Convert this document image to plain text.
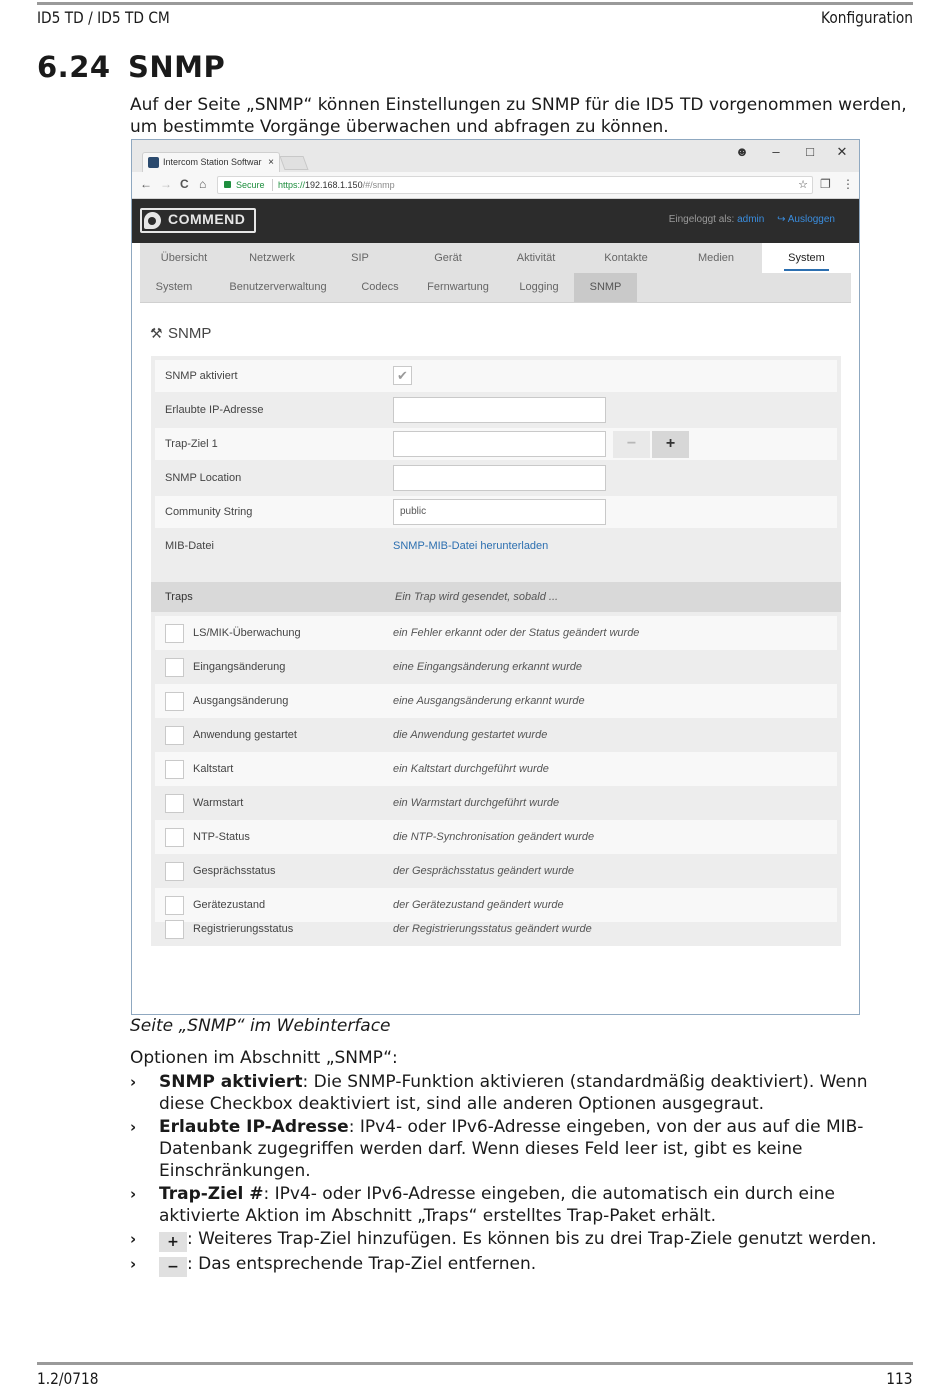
ID5 TD / ID5 TD CM	Konfiguration
6.24 SNMP

Auf der Seite „SNMP“ können Einstellungen zu SNMP für die ID5 TD vorgenommen werden, um bestimmte Vorgänge überwachen und abfragen zu können.

Intercom Station Softwar ×
☻	–	□	✕
← → C ⌂	Secure https://192.168.1.150/#/snmp	☆ ❐ ⋮
COMMEND	Eingeloggt als: admin ↪ Ausloggen
Übersicht	Netzwerk	SIP	Gerät	Aktivität	Kontakte	Medien	System
System	Benutzerverwaltung	Codecs	Fernwartung	Logging	SNMP
⚒ SNMP
SNMP aktiviert	✔
Erlaubte IP-Adresse
Trap-Ziel 1	−	+
SNMP Location
Community String	public
MIB-Datei	SNMP-MIB-Datei herunterladen
Traps	Ein Trap wird gesendet, sobald ...
LS/MIK-Überwachung	ein Fehler erkannt oder der Status geändert wurde
Eingangsänderung	eine Eingangsänderung erkannt wurde
Ausgangsänderung	eine Ausgangsänderung erkannt wurde
Anwendung gestartet	die Anwendung gestartet wurde
Kaltstart	ein Kaltstart durchgeführt wurde
Warmstart	ein Warmstart durchgeführt wurde
NTP-Status	die NTP-Synchronisation geändert wurde
Gesprächsstatus	der Gesprächsstatus geändert wurde
Gerätezustand	der Gerätezustand geändert wurde
Registrierungsstatus	der Registrierungsstatus geändert wurde

Seite „SNMP“ im Webinterface

Optionen im Abschnitt „SNMP“:

› SNMP aktiviert: Die SNMP-Funktion aktivieren (standardmäßig deaktiviert). Wenn diese Checkbox deaktiviert ist, sind alle anderen Optionen ausgegraut.
› Erlaubte IP-Adresse: IPv4- oder IPv6-Adresse eingeben, von der aus auf die MIB-Datenbank zugegriffen werden darf. Wenn dieses Feld leer ist, gibt es keine Einschränkungen.
› Trap-Ziel #: IPv4- oder IPv6-Adresse eingeben, die automatisch ein durch eine aktivierte Aktion im Abschnitt „Traps“ erstelltes Trap-Paket erhält.
› + : Weiteres Trap-Ziel hinzufügen. Es können bis zu drei Trap-Ziele genutzt werden.
› − : Das entsprechende Trap-Ziel entfernen.
1.2/0718	113
